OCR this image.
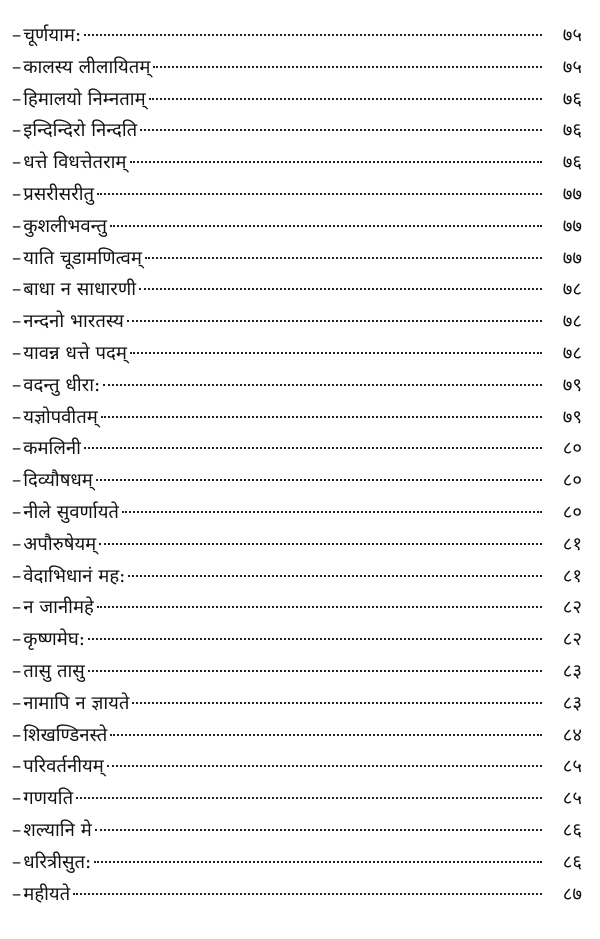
– चूर्णयाम:	७५
– कालस्य लीलायितम्	७५
– हिमालयो निम्नताम्	७६
– इन्दिन्दिरो निन्दति	७६
– धत्ते विधत्तेतराम्	७६
– प्रसरीसरीतु	७७
– कुशलीभवन्तु	७७
– याति चूडामणित्वम्	७७
– बाधा न साधारणी	७८
– नन्दनो भारतस्य	७८
– यावन्न धत्ते पदम्	७८
– वदन्तु धीरा:	७९
– यज्ञोपवीतम्	७९
– कमलिनी	८०
– दिव्यौषधम्	८०
– नीले सुवर्णायते	८०
– अपौरुषेयम्	८१
– वेदाभिधानं मह:	८१
– न जानीमहे	८२
– कृष्णमेघ:	८२
– तासु तासु	८३
– नामापि न ज्ञायते	८३
– शिखण्डिनस्ते	८४
– परिवर्तनीयम्	८५
– गणयति	८५
– शल्यानि मे	८६
– धरित्रीसुत:	८६
– महीयते	८७
